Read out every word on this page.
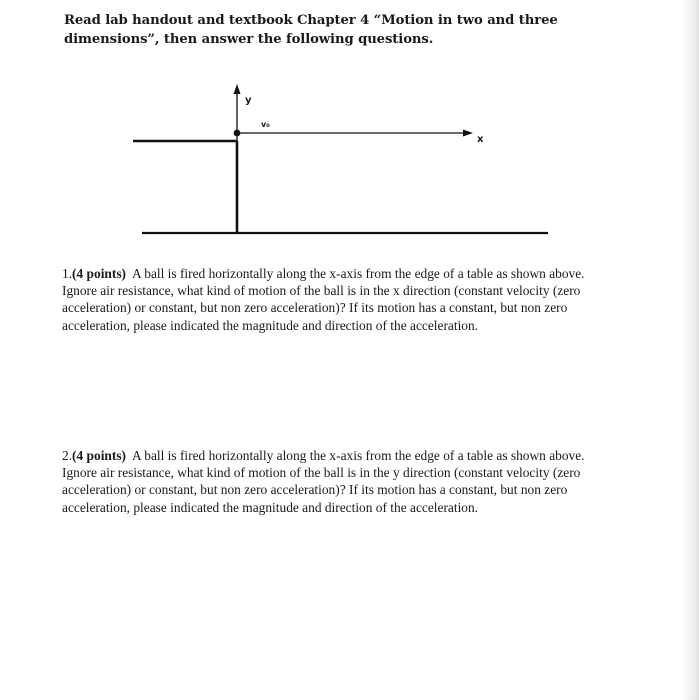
Read lab handout and textbook Chapter 4 “Motion in two and three dimensions”, then answer the following questions.

y
v₀
x

1.(4 points) A ball is fired horizontally along the x-axis from the edge of a table as shown above. Ignore air resistance, what kind of motion of the ball is in the x direction (constant velocity (zero acceleration) or constant, but non zero acceleration)? If its motion has a constant, but non zero acceleration, please indicated the magnitude and direction of the acceleration.

2.(4 points) A ball is fired horizontally along the x-axis from the edge of a table as shown above. Ignore air resistance, what kind of motion of the ball is in the y direction (constant velocity (zero acceleration) or constant, but non zero acceleration)? If its motion has a constant, but non zero acceleration, please indicated the magnitude and direction of the acceleration.
